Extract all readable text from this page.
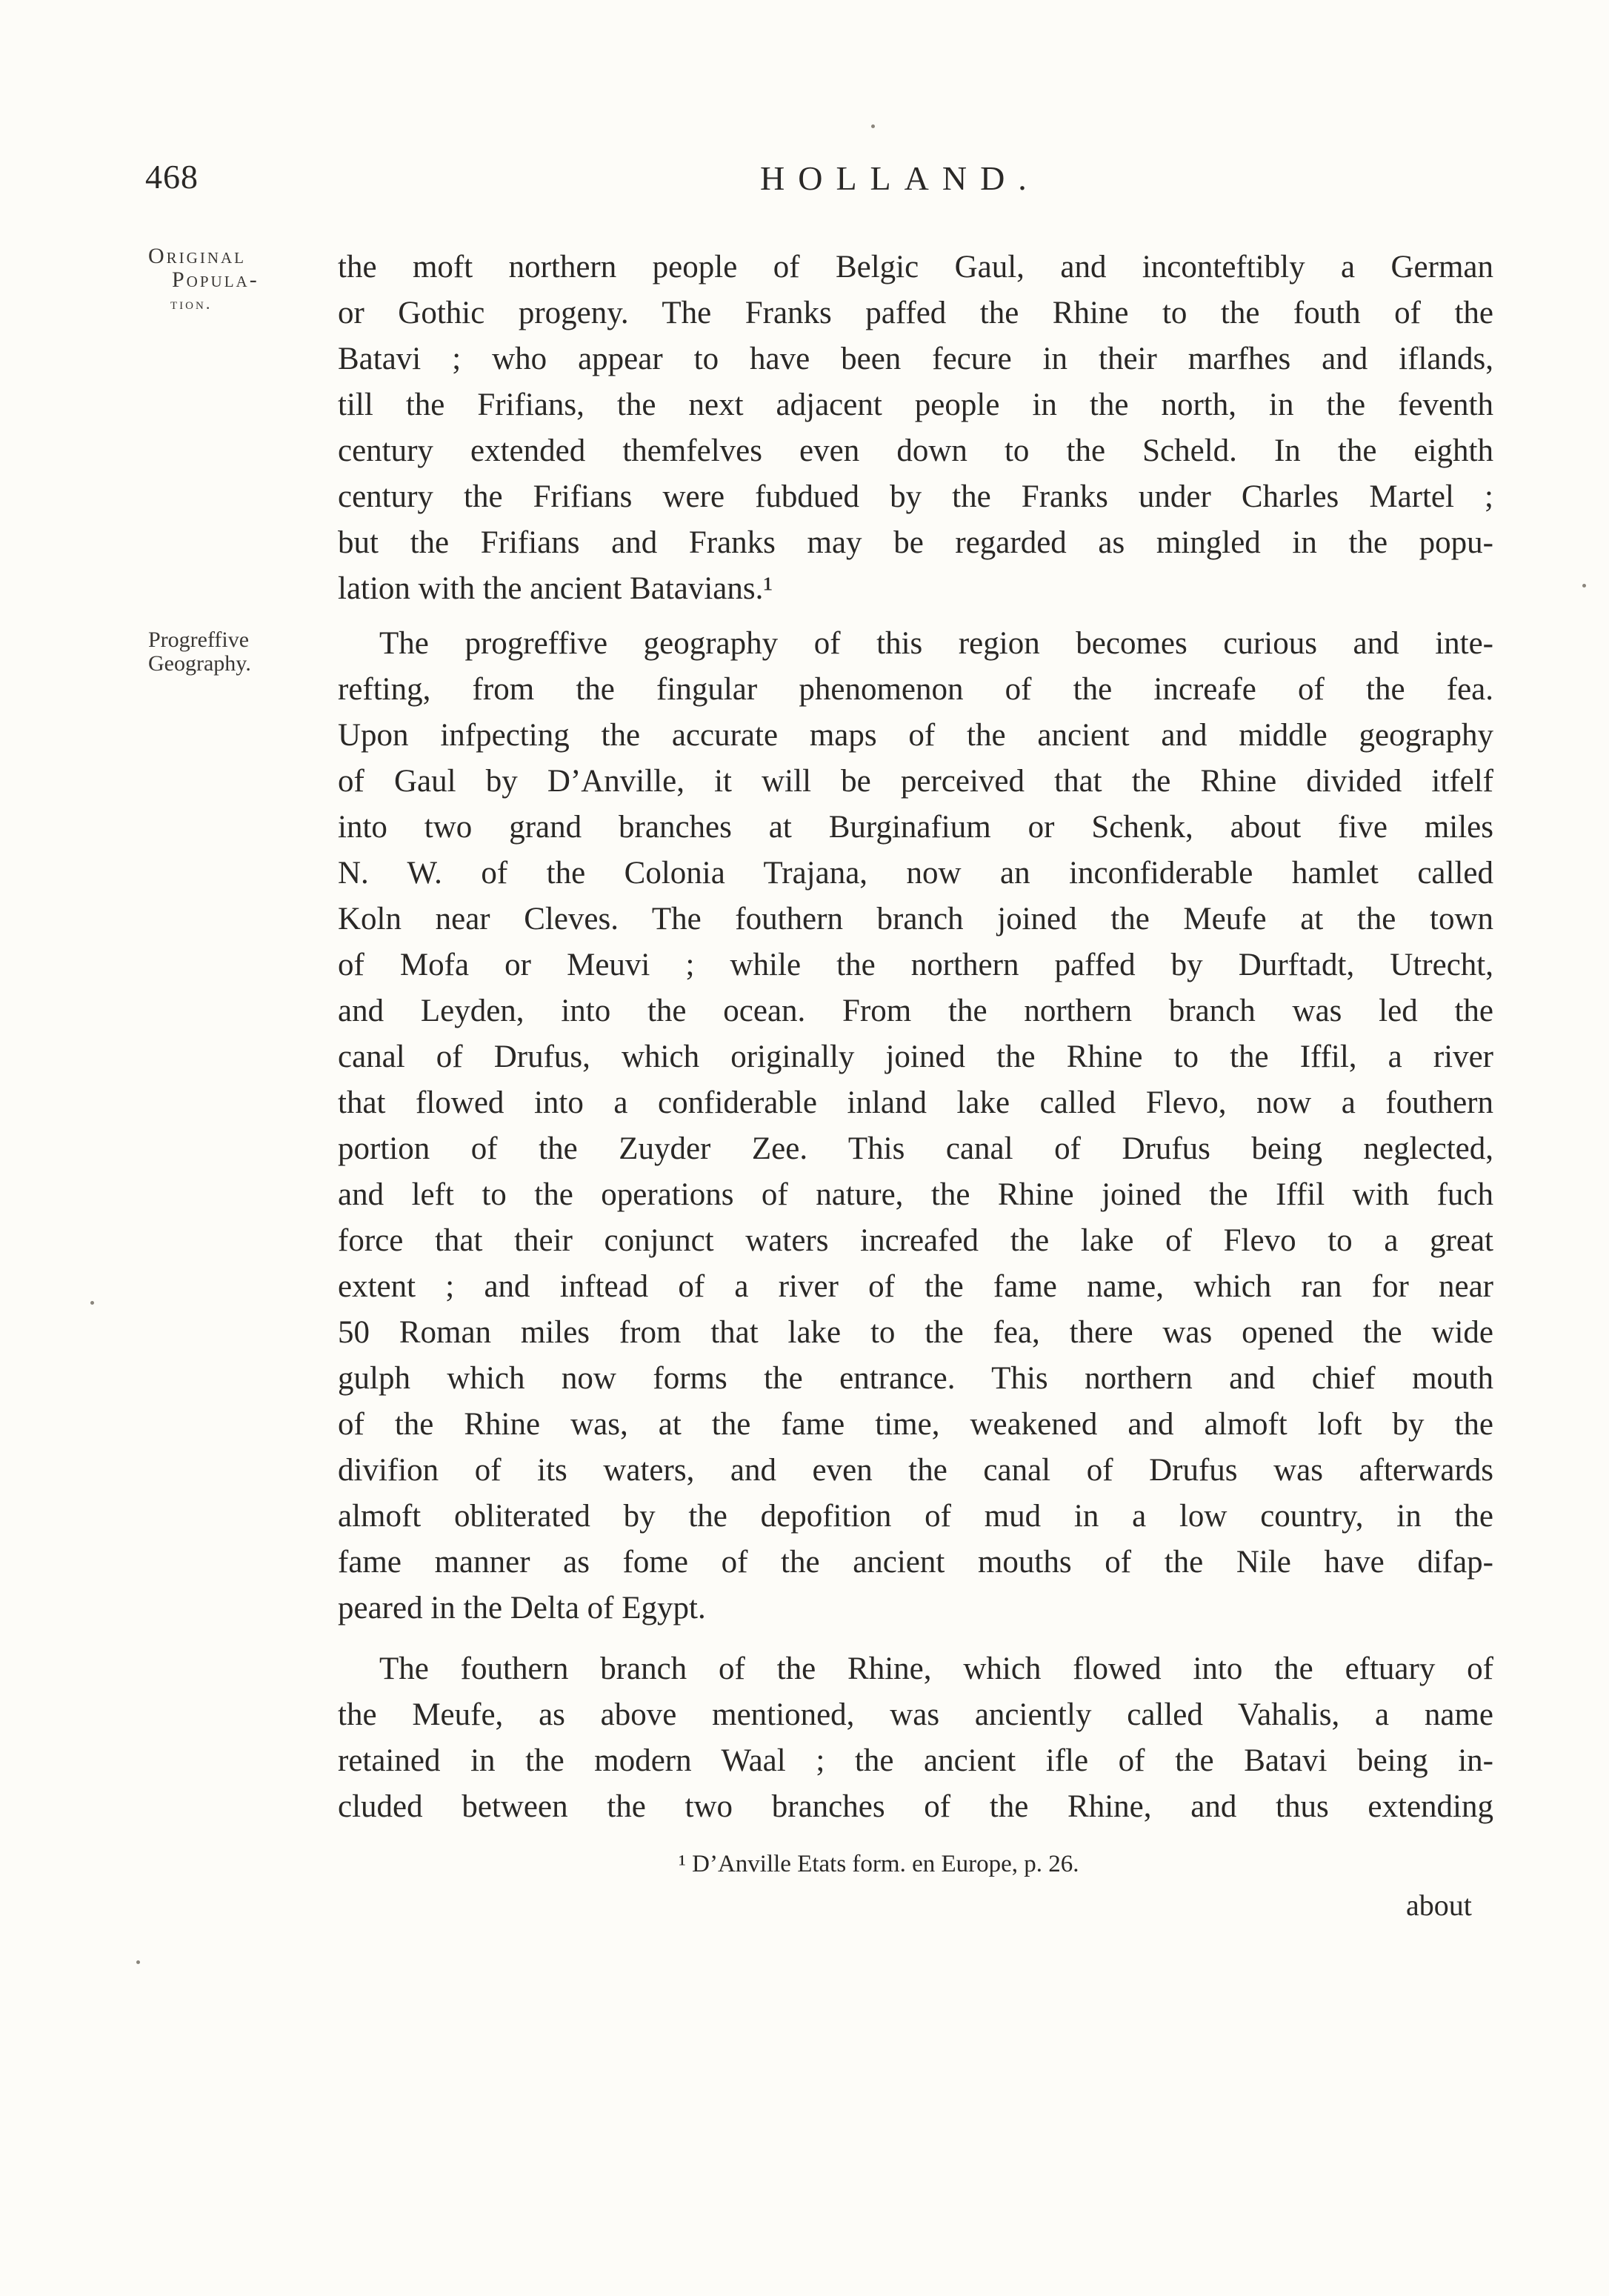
468	HOLLAND.
Original
Popula-
tion.
Progreffive
Geography.
the moft northern people of Belgic Gaul, and inconteftibly a German
or Gothic progeny. The Franks paffed the Rhine to the fouth of the
Batavi ; who appear to have been fecure in their marfhes and iflands,
till the Frifians, the next adjacent people in the north, in the feventh
century extended themfelves even down to the Scheld. In the eighth
century the Frifians were fubdued by the Franks under Charles Martel ;
but the Frifians and Franks may be regarded as mingled in the popu-
lation with the ancient Batavians.¹
The progreffive geography of this region becomes curious and inte-
refting, from the fingular phenomenon of the increafe of the fea.
Upon infpecting the accurate maps of the ancient and middle geography
of Gaul by D’Anville, it will be perceived that the Rhine divided itfelf
into two grand branches at Burginafium or Schenk, about five miles
N. W. of the Colonia Trajana, now an inconfiderable hamlet called
Koln near Cleves. The fouthern branch joined the Meufe at the town
of Mofa or Meuvi ; while the northern paffed by Durftadt, Utrecht,
and Leyden, into the ocean. From the northern branch was led the
canal of Drufus, which originally joined the Rhine to the Iffil, a river
that flowed into a confiderable inland lake called Flevo, now a fouthern
portion of the Zuyder Zee. This canal of Drufus being neglected,
and left to the operations of nature, the Rhine joined the Iffil with fuch
force that their conjunct waters increafed the lake of Flevo to a great
extent ; and inftead of a river of the fame name, which ran for near
50 Roman miles from that lake to the fea, there was opened the wide
gulph which now forms the entrance. This northern and chief mouth
of the Rhine was, at the fame time, weakened and almoft loft by the
divifion of its waters, and even the canal of Drufus was afterwards
almoft obliterated by the depofition of mud in a low country, in the
fame manner as fome of the ancient mouths of the Nile have difap-
peared in the Delta of Egypt.
The fouthern branch of the Rhine, which flowed into the eftuary of
the Meufe, as above mentioned, was anciently called Vahalis, a name
retained in the modern Waal ; the ancient ifle of the Batavi being in-
cluded between the two branches of the Rhine, and thus extending
¹ D’Anville Etats form. en Europe, p. 26.
about
